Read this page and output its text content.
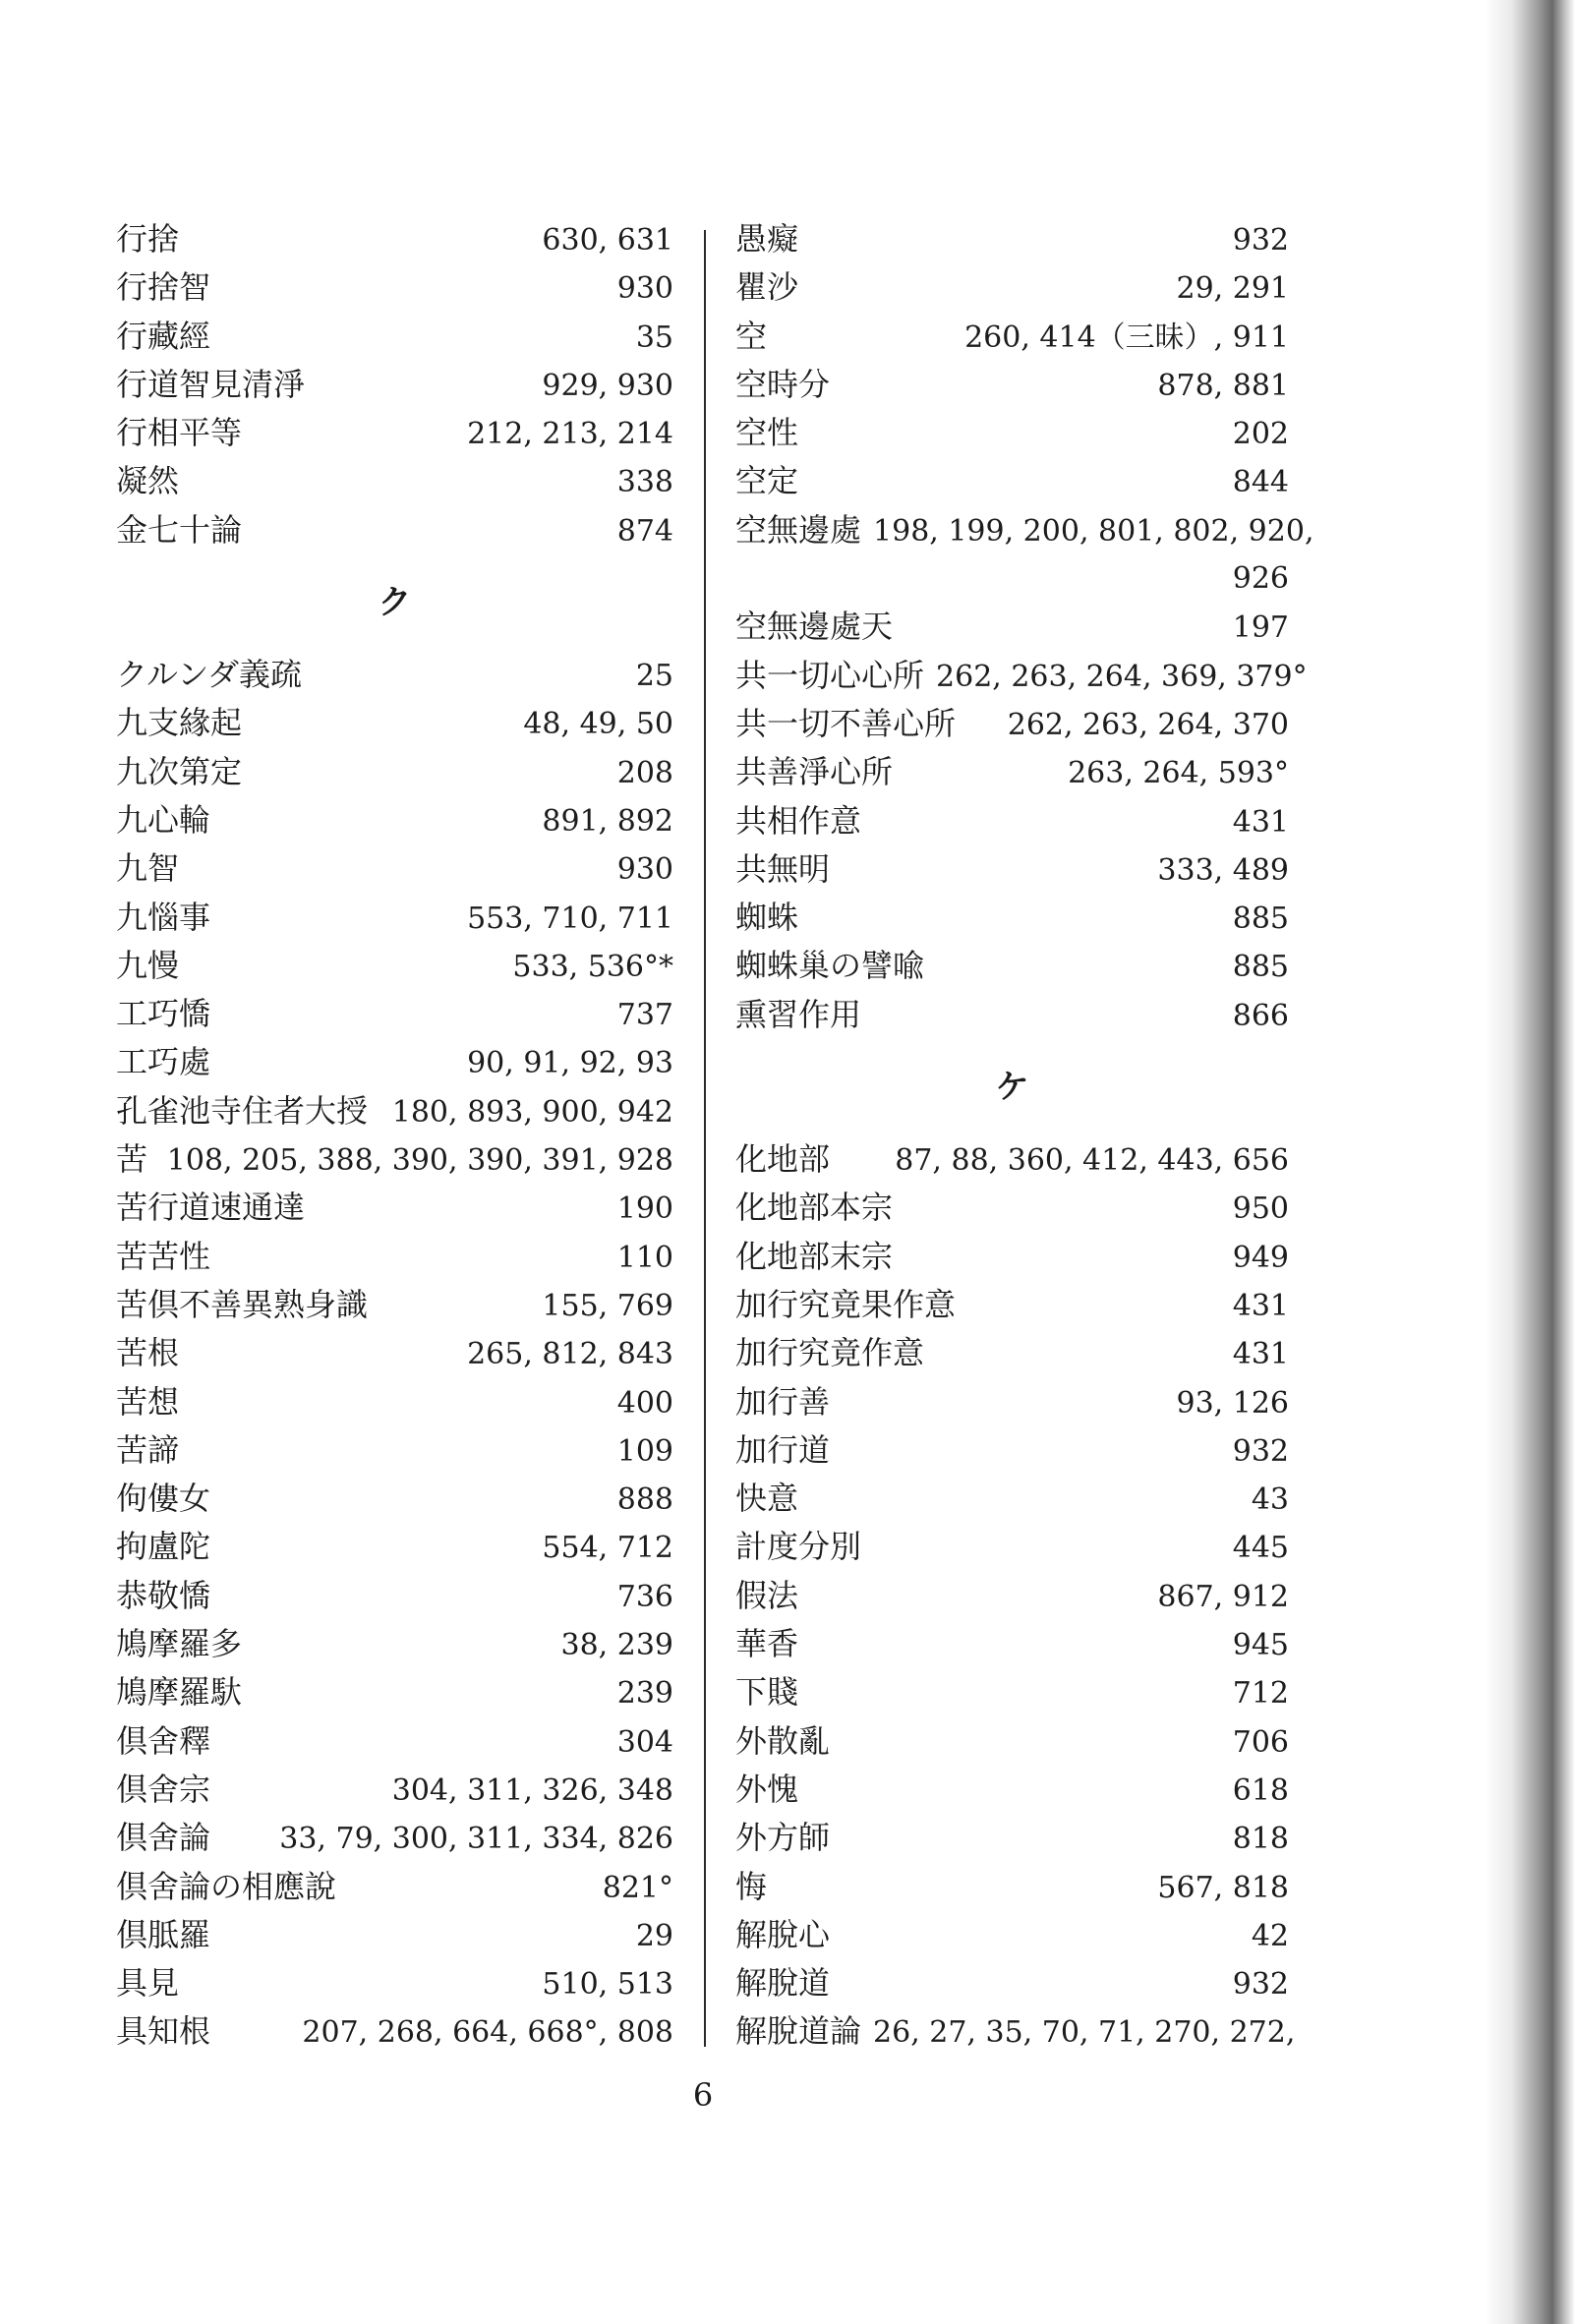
行捨	630, 631
行捨智	930
行藏經	35
行道智見清淨	929, 930
行相平等	212, 213, 214
凝然	338
金七十論	874
ク
クルンダ義疏	25
九支緣起	48, 49, 50
九次第定	208
九心輪	891, 892
九智	930
九惱事	553, 710, 711
九慢	533, 536°*
工巧憍	737
工巧處	90, 91, 92, 93
孔雀池寺住者大授 180, 893, 900, 942
苦 108, 205, 388, 390, 390, 391, 928
苦行道速通達	190
苦苦性	110
苦倶不善異熟身識	155, 769
苦根	265, 812, 843
苦想	400
苦諦	109
佝僂女	888
拘盧陀	554, 712
恭敬憍	736
鳩摩羅多	38, 239
鳩摩羅馱	239
倶舍釋	304
倶舍宗	304, 311, 326, 348
倶舍論	33, 79, 300, 311, 334, 826
倶舍論の相應說	821°
倶胝羅	29
具見	510, 513
具知根	207, 268, 664, 668°, 808
愚癡	932
瞿沙	29, 291
空	260, 414（三昧）, 911
空時分	878, 881
空性	202
空定	844
空無邊處 198, 199, 200, 801, 802, 920,
926
空無邊處天	197
共一切心心所 262, 263, 264, 369, 379°
共一切不善心所	262, 263, 264, 370
共善淨心所	263, 264, 593°
共相作意	431
共無明	333, 489
蜘蛛	885
蜘蛛巢の譬喩	885
熏習作用	866
ケ
化地部	87, 88, 360, 412, 443, 656
化地部本宗	950
化地部末宗	949
加行究竟果作意	431
加行究竟作意	431
加行善	93, 126
加行道	932
快意	43
計度分別	445
假法	867, 912
華香	945
下賤	712
外散亂	706
外愧	618
外方師	818
悔	567, 818
解脫心	42
解脫道	932
解脫道論 26, 27, 35, 70, 71, 270, 272,
6
